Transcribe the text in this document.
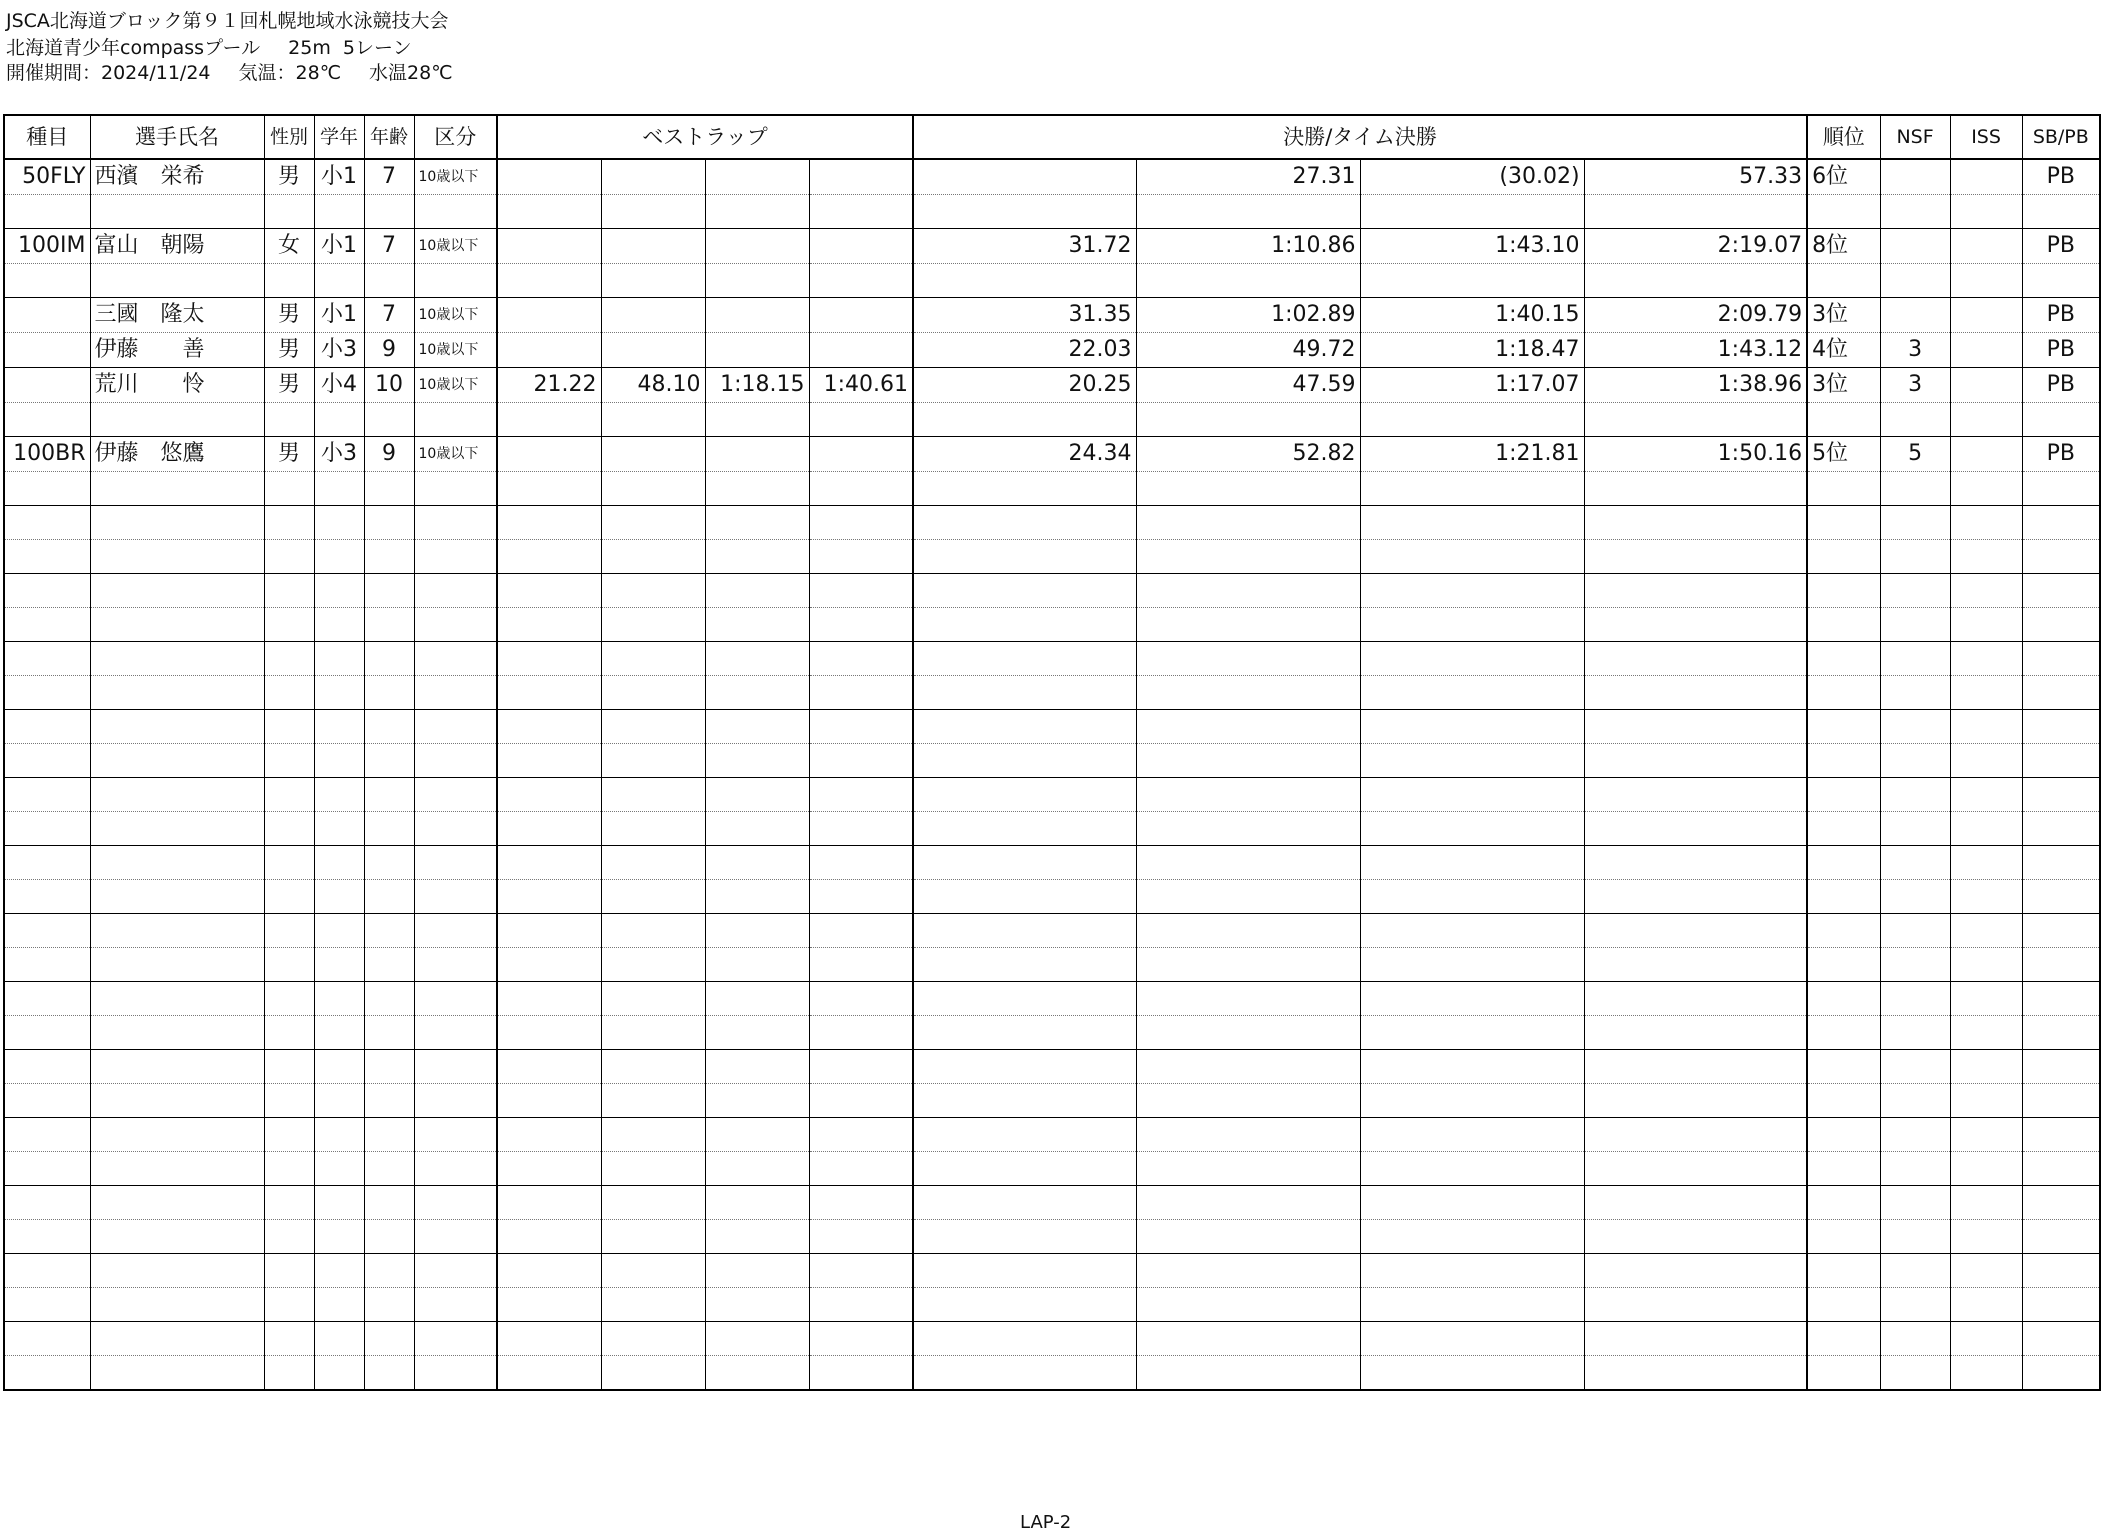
JSCA北海道ブロック第９１回札幌地域水泳競技大会
北海道青少年compassプール 25m 5レーン
開催期間：2024/11/24 気温：28℃ 水温28℃
種目	選手氏名	性別	学年	年齢	区分	ベストラップ				決勝/タイム決勝				順位	NSF	ISS	SB/PB
50FLY	西濱　栄希	男	小1	7	10歳以下						27.31	(30.02)	57.33	6位			PB

100IM	富山　朝陽	女	小1	7	10歳以下					31.72	1:10.86	1:43.10	2:19.07	8位			PB

	三國　隆太	男	小1	7	10歳以下					31.35	1:02.89	1:40.15	2:09.79	3位			PB
	伊藤　　善	男	小3	9	10歳以下					22.03	49.72	1:18.47	1:43.12	4位	3		PB
	荒川　　怜	男	小4	10	10歳以下	21.22	48.10	1:18.15	1:40.61	20.25	47.59	1:17.07	1:38.96	3位	3		PB

100BR	伊藤　悠鷹	男	小3	9	10歳以下					24.34	52.82	1:21.81	1:50.16	5位	5		PB

LAP-2
